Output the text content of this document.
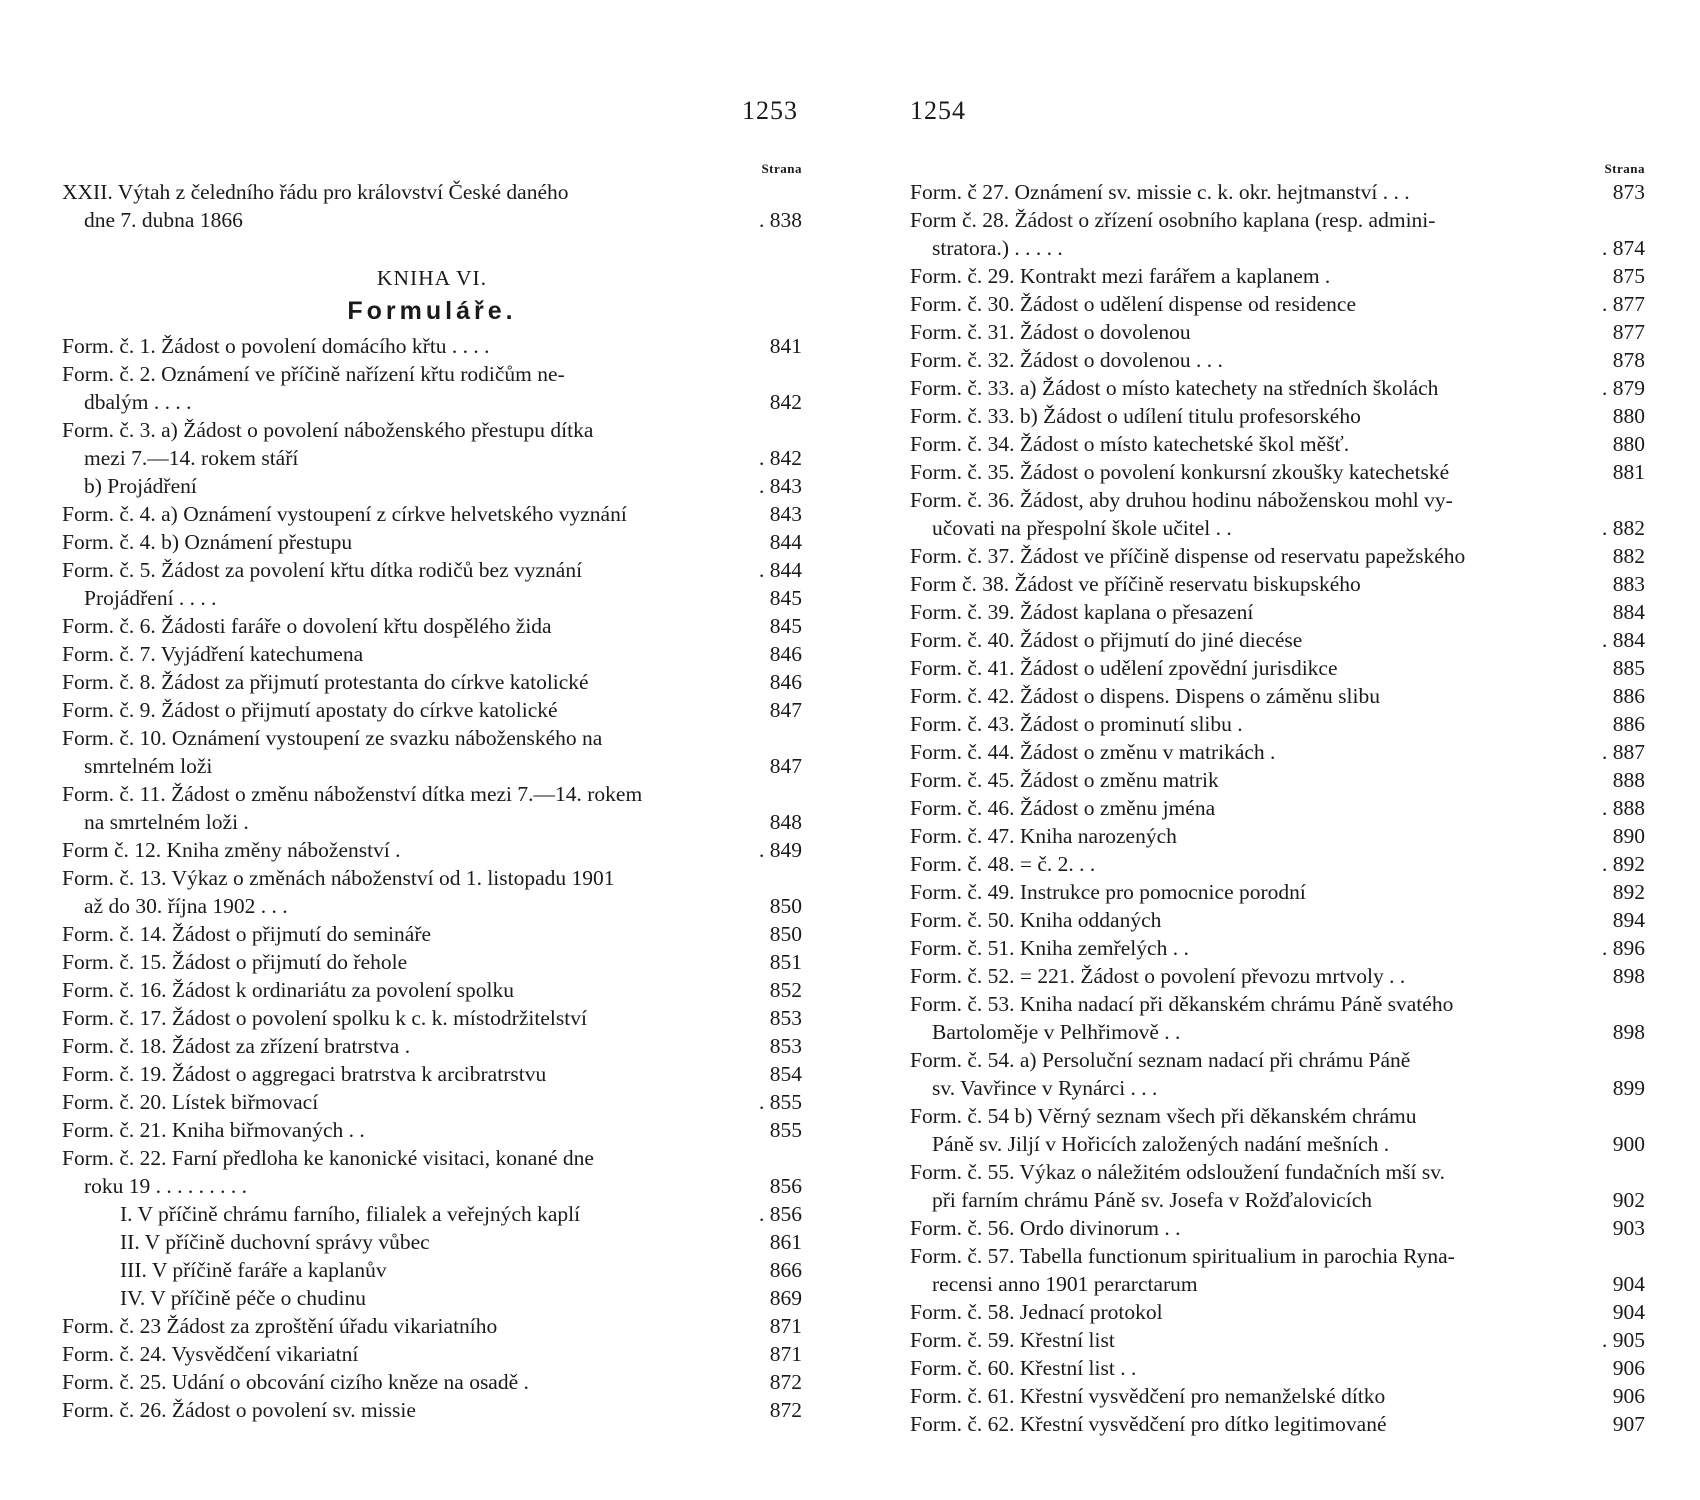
1253	1254
Strana
XXII. Výtah z čeledního řádu pro království České daného
dne 7. dubna 1866	. 838
KNIHA VI.
Formuláře.
Form. č. 1. Žádost o povolení domácího křtu . . . .	841
Form. č. 2. Oznámení ve příčině nařízení křtu rodičům ne-
dbalým . . . .	842
Form. č. 3. a) Žádost o povolení náboženského přestupu dítka
mezi 7.—14. rokem stáří	. 842
b) Projádření	. 843
Form. č. 4. a) Oznámení vystoupení z církve helvetského vyznání	843
Form. č. 4. b) Oznámení přestupu	844
Form. č. 5. Žádost za povolení křtu dítka rodičů bez vyznání	. 844
Projádření . . . .	845
Form. č. 6. Žádosti faráře o dovolení křtu dospělého žida	845
Form. č. 7. Vyjádření katechumena	846
Form. č. 8. Žádost za přijmutí protestanta do církve katolické	846
Form. č. 9. Žádost o přijmutí apostaty do církve katolické	847
Form. č. 10. Oznámení vystoupení ze svazku náboženského na
smrtelném loži	847
Form. č. 11. Žádost o změnu náboženství dítka mezi 7.—14. rokem
na smrtelném loži .	848
Form č. 12. Kniha změny náboženství .	. 849
Form. č. 13. Výkaz o změnách náboženství od 1. listopadu 1901
až do 30. října 1902 . . .	850
Form. č. 14. Žádost o přijmutí do semináře	850
Form. č. 15. Žádost o přijmutí do řehole	851
Form. č. 16. Žádost k ordinariátu za povolení spolku	852
Form. č. 17. Žádost o povolení spolku k c. k. místodržitelství	853
Form. č. 18. Žádost za zřízení bratrstva .	853
Form. č. 19. Žádost o aggregaci bratrstva k arcibratrstvu	854
Form. č. 20. Lístek biřmovací	. 855
Form. č. 21. Kniha biřmovaných . .	855
Form. č. 22. Farní předloha ke kanonické visitaci, konané dne
roku 19 . . . . . . . . .	856
I. V příčině chrámu farního, filialek a veřejných kaplí	. 856
II. V příčině duchovní správy vůbec	861
III. V příčině faráře a kaplanův	866
IV. V příčině péče o chudinu	869
Form. č. 23 Žádost za zproštění úřadu vikariatního	871
Form. č. 24. Vysvědčení vikariatní	871
Form. č. 25. Udání o obcování cizího kněze na osadě .	872
Form. č. 26. Žádost o povolení sv. missie	872
Strana
Form. č 27. Oznámení sv. missie c. k. okr. hejtmanství . . .	873
Form č. 28. Žádost o zřízení osobního kaplana (resp. admini-
stratora.) . . . . .	. 874
Form. č. 29. Kontrakt mezi farářem a kaplanem .	875
Form. č. 30. Žádost o udělení dispense od residence	. 877
Form. č. 31. Žádost o dovolenou	877
Form. č. 32. Žádost o dovolenou . . .	878
Form. č. 33. a) Žádost o místo katechety na středních školách	. 879
Form. č. 33. b) Žádost o udílení titulu profesorského	880
Form. č. 34. Žádost o místo katechetské škol měšť.	880
Form. č. 35. Žádost o povolení konkursní zkoušky katechetské	881
Form. č. 36. Žádost, aby druhou hodinu náboženskou mohl vy-
učovati na přespolní škole učitel . .	. 882
Form. č. 37. Žádost ve příčině dispense od reservatu papežského	882
Form č. 38. Žádost ve příčině reservatu biskupského	883
Form. č. 39. Žádost kaplana o přesazení	884
Form. č. 40. Žádost o přijmutí do jiné diecése	. 884
Form. č. 41. Žádost o udělení zpovědní jurisdikce	885
Form. č. 42. Žádost o dispens. Dispens o záměnu slibu	886
Form. č. 43. Žádost o prominutí slibu .	886
Form. č. 44. Žádost o změnu v matrikách .	. 887
Form. č. 45. Žádost o změnu matrik	888
Form. č. 46. Žádost o změnu jména	. 888
Form. č. 47. Kniha narozených	890
Form. č. 48. = č. 2. . .	. 892
Form. č. 49. Instrukce pro pomocnice porodní	892
Form. č. 50. Kniha oddaných	894
Form. č. 51. Kniha zemřelých . .	. 896
Form. č. 52. = 221. Žádost o povolení převozu mrtvoly . .	898
Form. č. 53. Kniha nadací při děkanském chrámu Páně svatého
Bartoloměje v Pelhřimově . .	898
Form. č. 54. a) Persoluční seznam nadací při chrámu Páně
sv. Vavřince v Rynárci . . .	899
Form. č. 54 b) Věrný seznam všech při děkanském chrámu
Páně sv. Jiljí v Hořicích založených nadání mešních .	900
Form. č. 55. Výkaz o náležitém odsloužení fundačních mší sv.
při farním chrámu Páně sv. Josefa v Rožďalovicích	902
Form. č. 56. Ordo divinorum . .	903
Form. č. 57. Tabella functionum spiritualium in parochia Ryna-
recensi anno 1901 perarctarum	904
Form. č. 58. Jednací protokol	904
Form. č. 59. Křestní list	. 905
Form. č. 60. Křestní list . .	906
Form. č. 61. Křestní vysvědčení pro nemanželské dítko	906
Form. č. 62. Křestní vysvědčení pro dítko legitimované	907
